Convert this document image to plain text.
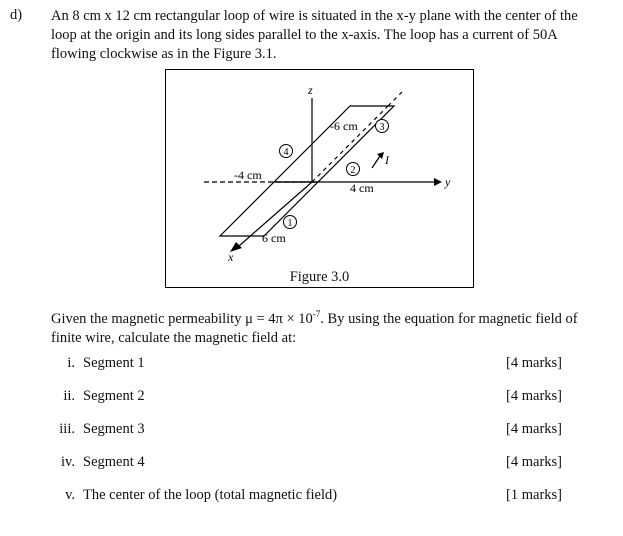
d) An 8 cm x 12 cm rectangular loop of wire is situated in the x-y plane with the center of the
loop at the origin and its long sides parallel to the x-axis. The loop has a current of 50A
flowing clockwise as in the Figure 3.1.
z
y
x
I
-6 cm
-4 cm
4 cm
6 cm
1
2
3
4
Figure 3.0
Given the magnetic permeability $\mu = 4\pi \times 10^{-7}$. By using the equation for magnetic field of
finite wire, calculate the magnetic field at:
i. Segment 1	[4 marks]
ii. Segment 2	[4 marks]
iii. Segment 3	[4 marks]
iv. Segment 4	[4 marks]
v. The center of the loop (total magnetic field)	[1 marks]
